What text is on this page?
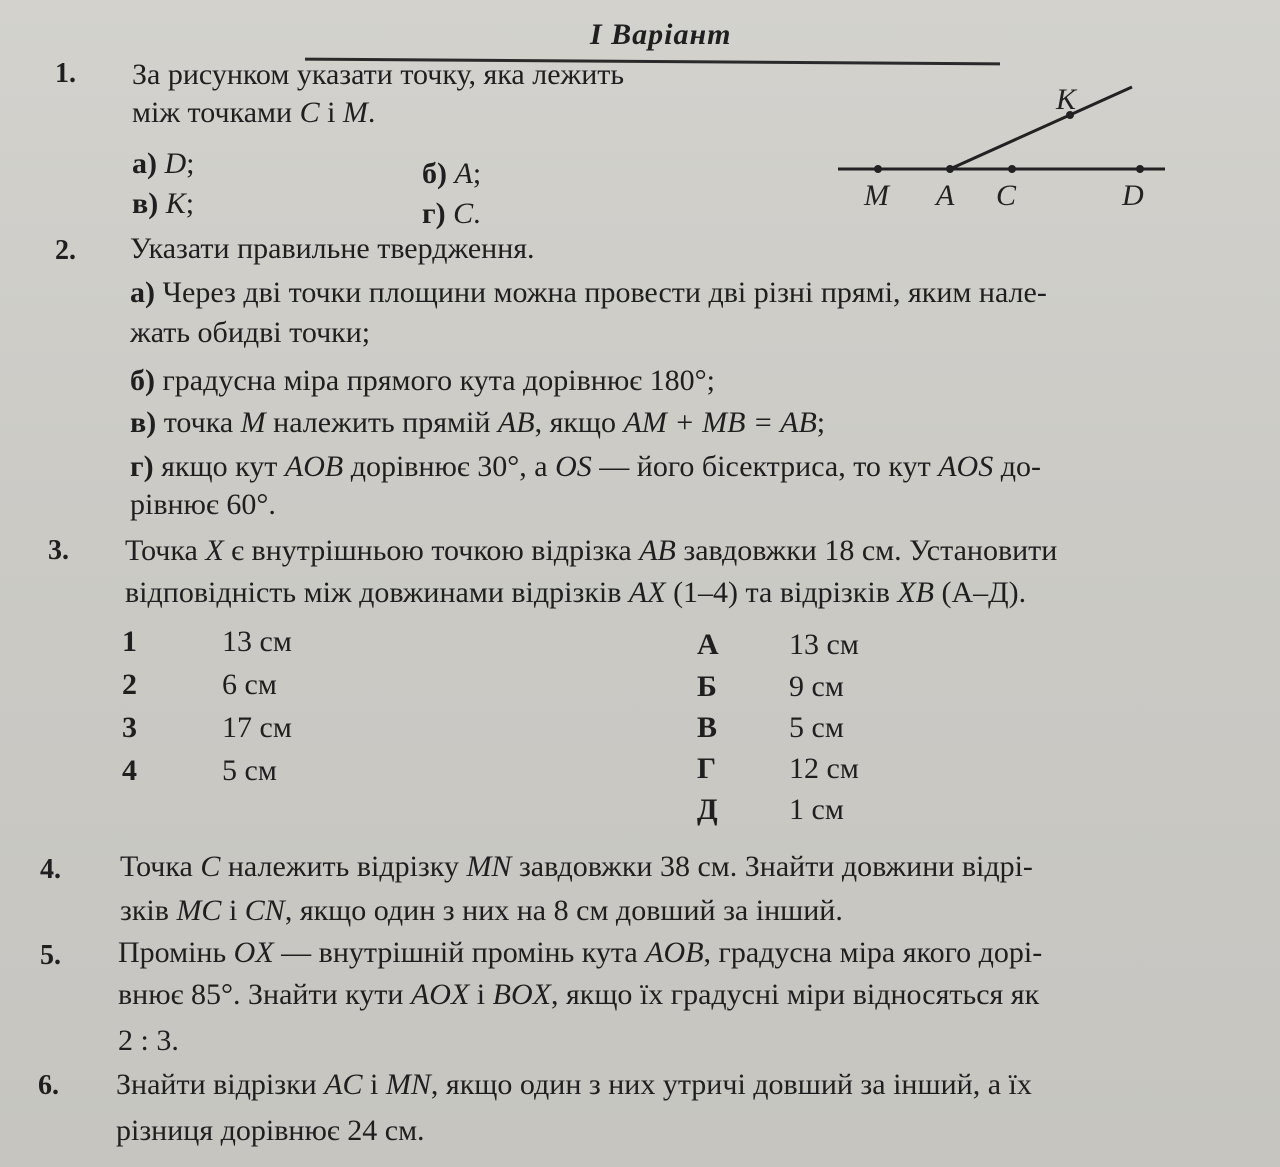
I Варіант
1. За рисунком указати точку, яка лежить
між точками C і M.
а) D;	б) A;
в) K;	г) C.
M A C	D
K
2. Указати правильне твердження.
а) Через дві точки площини можна провести дві різні прямі, яким нале-
жать обидві точки;
б) градусна міра прямого кута дорівнює 180°;
в) точка M належить прямій AB, якщо AM + MB = AB;
г) якщо кут AOB дорівнює 30°, а OS — його бісектриса, то кут AOS до-
рівнює 60°.
3. Точка X є внутрішньою точкою відрізка AB завдовжки 18 см. Установити
відповідність між довжинами відрізків AX (1–4) та відрізків XB (А–Д).
1	13 см
2	6 см
3	17 см
4	5 см
А 13 см
Б 9 см
В 5 см
Г 12 см
Д 1 см
4. Точка C належить відрізку MN завдовжки 38 см. Знайти довжини відрі-
зків MC і CN, якщо один з них на 8 см довший за інший.
5. Промінь OX — внутрішній промінь кута AOB, градусна міра якого дорі-
внює 85°. Знайти кути AOX і BOX, якщо їх градусні міри відносяться як
2 : 3.
6. Знайти відрізки AC і MN, якщо один з них утричі довший за інший, а їх
різниця дорівнює 24 см.
